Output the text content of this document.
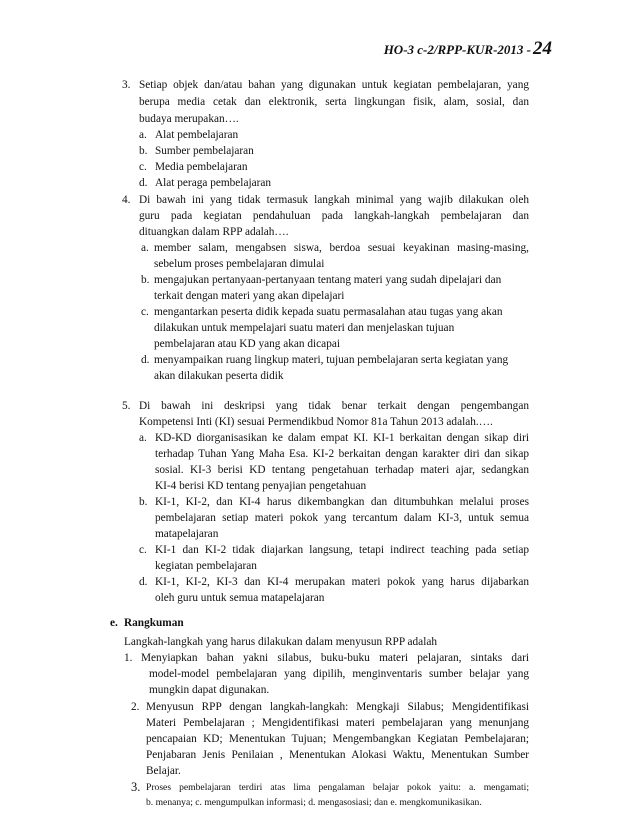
HO-3 c-2/RPP-KUR-2013 - 24
3. Setiap objek dan/atau bahan yang digunakan untuk kegiatan pembelajaran, yang
berupa media cetak dan elektronik, serta lingkungan fisik, alam, sosial, dan
budaya merupakan….
a. Alat pembelajaran
b. Sumber pembelajaran
c. Media pembelajaran
d. Alat peraga pembelajaran
4. Di bawah ini yang tidak termasuk langkah minimal yang wajib dilakukan oleh
guru pada kegiatan pendahuluan pada langkah-langkah pembelajaran dan
dituangkan dalam RPP adalah….
a. member salam, mengabsen siswa, berdoa sesuai keyakinan masing-masing,
sebelum proses pembelajaran dimulai
b. mengajukan pertanyaan-pertanyaan tentang materi yang sudah dipelajari dan
terkait dengan materi yang akan dipelajari
c. mengantarkan peserta didik kepada suatu permasalahan atau tugas yang akan
dilakukan untuk mempelajari suatu materi dan menjelaskan tujuan
pembelajaran atau KD yang akan dicapai
d. menyampaikan ruang lingkup materi, tujuan pembelajaran serta kegiatan yang
akan dilakukan peserta didik
5. Di bawah ini deskripsi yang tidak benar terkait dengan pengembangan
Kompetensi Inti (KI) sesuai Permendikbud Nomor 81a Tahun 2013 adalah.….
a. KD-KD diorganisasikan ke dalam empat KI. KI-1 berkaitan dengan sikap diri
terhadap Tuhan Yang Maha Esa. KI-2 berkaitan dengan karakter diri dan sikap
sosial. KI-3 berisi KD tentang pengetahuan terhadap materi ajar, sedangkan
KI-4 berisi KD tentang penyajian pengetahuan
b. KI-1, KI-2, dan KI-4 harus dikembangkan dan ditumbuhkan melalui proses
pembelajaran setiap materi pokok yang tercantum dalam KI-3, untuk semua
matapelajaran
c. KI-1 dan KI-2 tidak diajarkan langsung, tetapi indirect teaching pada setiap
kegiatan pembelajaran
d. KI-1, KI-2, KI-3 dan KI-4 merupakan materi pokok yang harus dijabarkan
oleh guru untuk semua matapelajaran
e. Rangkuman
Langkah-langkah yang harus dilakukan dalam menyusun RPP adalah
1. Menyiapkan bahan yakni silabus, buku-buku materi pelajaran, sintaks dari
model-model pembelajaran yang dipilih, menginventaris sumber belajar yang
mungkin dapat digunakan.
2. Menyusun RPP dengan langkah-langkah: Mengkaji Silabus; Mengidentifikasi
Materi Pembelajaran ; Mengidentifikasi materi pembelajaran yang menunjang
pencapaian KD; Menentukan Tujuan; Mengembangkan Kegiatan Pembelajaran;
Penjabaran Jenis Penilaian , Menentukan Alokasi Waktu, Menentukan Sumber
Belajar.
3. Proses pembelajaran terdiri atas lima pengalaman belajar pokok yaitu: a. mengamati;
b. menanya; c. mengumpulkan informasi; d. mengasosiasi; dan e. mengkomunikasikan.
